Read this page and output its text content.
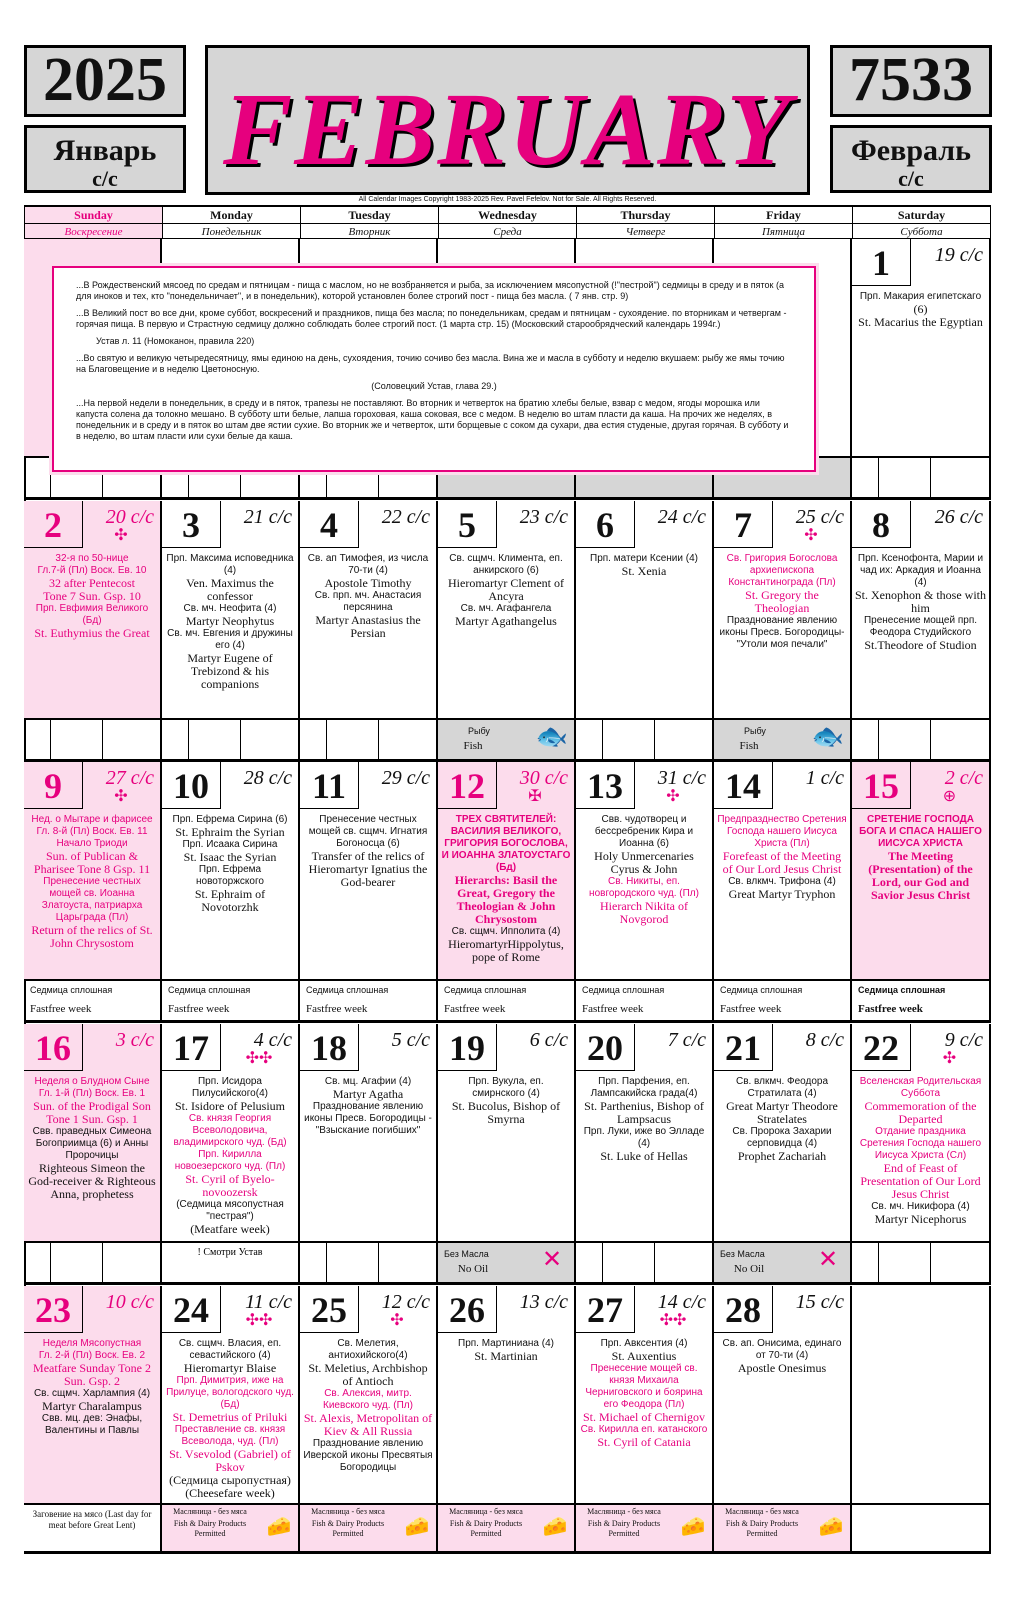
2025
Январь
с/с	FEBRUARY
All Calendar Images Copyright 1983-2025 Rev. Pavel Fefelov. Not for Sale. All Rights Reserved.
7533
Февраль
с/с
Sunday
Воскресение
Monday
Понедельник
Tuesday
Вторник
Wednesday
Среда
Thursday
Четверг
Friday
Пятница
Saturday
Суббота
1	19 с/с
Прп. Макария египетскаго
(6)
St. Macarius the Egyptian
2	20 с/с
✣
32-я по 50-нице
Гл.7-й (Пл) Воск. Ев. 10
32 after Pentecost
Tone 7 Sun. Gsp. 10
Прп. Евфимия Великого (Бд)
St. Euthymius the Great
3	21 с/с
Прп. Максима исповедника (4)
Ven. Maximus the confessor
Св. мч. Неофита (4)
Martyr Neophytus
Св. мч. Евгения и дружины его (4)
Martyr Eugene of Trebizond & his companions
4	22 с/с
Св. ап Тимофея, из числа 70-ти (4)
Apostole Timothy
Св. прп. мч. Анастасия персянина
Martyr Anastasius the Persian
5	23 с/с
Св. сщмч. Климента, еп. анкирского (6)
Hieromartyr Clement of Ancyra
Св. мч. Агафангела
Martyr Agathangelus
Рыбу
Fish	🐟
6	24 с/с
Прп. матери Ксении (4)
St. Xenia
7	25 с/с
✣
Св. Григория Богослова архиепископа Константинограда (Пл)
St. Gregory the Theologian
Празднование явлению иконы Пресв. Богородицы- "Утоли моя печали"
Рыбу
Fish	🐟
8	26 с/с
Прп. Ксенофонта, Марии и чад их: Аркадия и Иоанна (4)
St. Xenophon & those with him
Пренесение мощей прп. Феодора Студийского
St.Theodore of Studion
9	27 с/с
✣
Нед. о Мытаре и фарисее Гл. 8-й (Пл) Воск. Ев. 11
Начало Триоди
Sun. of Publican & Pharisee Tone 8 Gsp. 11
Пренесение честных мощей св. Иоанна Златоуста, патриарха Царьграда (Пл)
Return of the relics of St. John Chrysostom
Седмица сплошная
Fastfree week
10	28 с/с
Прп. Ефрема Сирина (6)
St. Ephraim the Syrian
Прп. Исаака Сирина
St. Isaac the Syrian
Прп. Ефрема новоторжского
St. Ephraim of Novotorzhk
Седмица сплошная
Fastfree week
11	29 с/с
Пренесение честных мощей св. сщмч. Игнатия Богоносца (6)
Transfer of the relics of Hieromartyr Ignatius the God-bearer
Седмица сплошная
Fastfree week
12	30 с/с
✠
ТРЕХ СВЯТИТЕЛЕЙ: ВАСИЛИЯ ВЕЛИКОГО, ГРИГОРИЯ БОГОСЛОВА, И ИОАННА ЗЛАТОУСТАГО (Бд)
Hierarchs: Basil the Great, Gregory the Theologian & John Chrysostom
Св. сщмч. Ипполита (4)
HieromartyrHippolytus, pope of Rome
Седмица сплошная
Fastfree week
13	31 с/с
✣
Свв. чудотворец и бессребреник Кира и Иоанна (6)
Holy Unmercenaries Cyrus & John
Св. Никиты, еп. новгородского чуд. (Пл)
Hierarch Nikita of Novgorod
Седмица сплошная
Fastfree week
14	1 с/с
Предпразднество Сретения Господа нашего Иисуса Христа (Пл)
Forefeast of the Meeting of Our Lord Jesus Christ
Св. влкмч. Трифона (4)
Great Martyr Tryphon
Седмица сплошная
Fastfree week
15	2 с/с
⊕
СРЕТЕНИЕ ГОСПОДА БОГА И СПАСА НАШЕГО ИИСУСА ХРИСТА
The Meeting (Presentation) of the Lord, our God and Savior Jesus Christ
Седмица сплошная
Fastfree week
16	3 с/с
Неделя о Блудном Сыне
Гл. 1-й (Пл) Воск. Ев. 1
Sun. of the Prodigal Son Tone 1 Sun. Gsp. 1
Свв. праведных Симеона Богоприимца (6) и Анны Пророчицы
Righteous Simeon the God-receiver & Righteous Anna, prophetess
17	4 с/с
✣✣
Прп. Исидора Пилусийского(4)
St. Isidore of Pelusium
Св. князя Георгия Всеволодовича, владимирского чуд. (Бд)
Прп. Кирилла новоезерского чуд. (Пл)
St. Cyril of Byelo-novoozersk
(Седмица мясопустная "пестрая")
(Meatfare week)
! Смотри Устав
18	5 с/с
Св. мц. Агафии (4)
Martyr Agatha
Празднование явлению иконы Пресв. Богородицы - "Взыскание погибших"
19	6 с/с
Прп. Вукула, еп. смирнского (4)
St. Bucolus, Bishop of Smyrna
Без Масла
No Oil	✕
20	7 с/с
Прп. Парфения, еп. Лампсакийска града(4)
St. Parthenius, Bishop of Lampsacus
Прп. Луки, иже во Элладе (4)
St. Luke of Hellas
21	8 с/с
Св. влкмч. Феодора Стратилата (4)
Great Martyr Theodore Stratelates
Св. Пророка Захарии серповидца (4)
Prophet Zachariah
Без Масла
No Oil	✕
22	9 с/с
✣
Вселенская Родительская Суббота
Commemoration of the Departed
Отдание праздника Сретения Господа нашего Иисуса Христа (Сл)
End of Feast of Presentation of Our Lord Jesus Christ
Св. мч. Никифора (4)
Martyr Nicephorus
23	10 с/с
Неделя Мясопустная
Гл. 2-й (Пл) Воск. Ев. 2
Meatfare Sunday Tone 2 Sun. Gsp. 2
Св. сщмч. Харлампия (4)
Martyr Charalampus
Свв. мц. дев: Энафы, Валентины и Павлы
Заговение на мясо (Last day for meat before Great Lent)
24	11 с/с
✣✣
Св. сщмч. Власия, еп. севастийского (4)
Hieromartyr Blaise
Прп. Димитрия, иже на Прилуце, вологодского чуд. (Бд)
St. Demetrius of Priluki
Преставление св. князя Всеволода, чуд. (Пл)
St. Vsevolod (Gabriel) of Pskov
(Седмица сыропустная) (Cheesefare week)
Масляница - без мяса
Fish & Dairy Products Permitted	🧀
25	12 с/с
✣
Св. Мелетия, антиохийского(4)
St. Meletius, Archbishop of Antioch
Св. Алексия, митр. Киевского чуд. (Пл)
St. Alexis, Metropolitan of Kiev & All Russia
Празднование явлению Иверской иконы Пресвятыя Богородицы
Масляница - без мяса
Fish & Dairy Products Permitted	🧀
26	13 с/с
Прп. Мартиниана (4)
St. Martinian
Масляница - без мяса
Fish & Dairy Products Permitted	🧀
27	14 с/с
✣✣
Прп. Авксентия (4)
St. Auxentius
Пренесение мощей св. князя Михаила Черниговского и боярина его Феодора (Пл)
St. Michael of Chernigov
Св. Кирилла еп. катанского
St. Cyril of Catania
Масляница - без мяса
Fish & Dairy Products Permitted	🧀
28	15 с/с
Св. ап. Онисима, единаго от 70-ти (4)
Apostle Onesimus
Масляница - без мяса
Fish & Dairy Products Permitted	🧀

...В Рождественский мясоед по средам и пятницам - пища с маслом, но не возбраняется и рыба, за исключением мясопустной (!"пестрой") седмицы в среду и в пяток (а для иноков и тех, кто "понедельничает", и в понедельник), которой установлен более строгий пост - пища без масла. ( 7 янв. стр. 9)

...В Великий пост во все дни, кроме суббот, воскресений и праздников, пища без масла; по понедельникам, средам и пятницам - сухоядение. по вторникам и четвергам - горячая пища. В первую и Страстную седмицу должно соблюдать более строгий пост. (1 марта стр. 15) (Московский старообрядческий календарь 1994г.)

Устав л. 11 (Номоканон, правила 220)

...Во святую и великую четыредесятницу, ямы единою на день, сухоядения, точию сочиво без масла. Вина же и масла в субботу и неделю вкушаем: рыбу же ямы точию на Благовещение и в неделю Цветоносную.

(Соловецкий Устав, глава 29.)

...На первой недели в понедельник, в среду и в пяток, трапезы не поставляют. Во вторник и четверток на братию хлебы белые, взвар с медом, ягоды морошка или капуста солена да толокно мешано. В субботу шти белые, лапша гороховая, каша соковая, все с медом. В неделю во штам пласти да каша. На прочих же неделях, в понедельник и в среду и в пяток во штам две ястии сухие. Во вторник же и четверток, шти борщевые с соком да сухари, два естия студеные, другая горячая. В субботу и в неделю, во штам пласти или сухи белые да каша.
